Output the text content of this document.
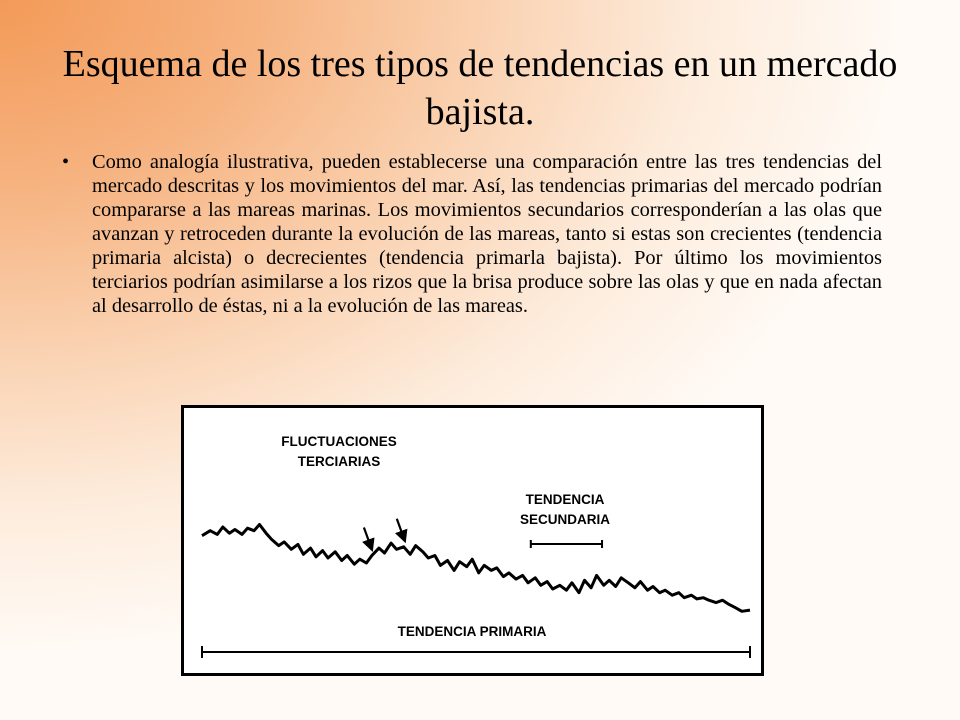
Esquema de los tres tipos de tendencias en un mercado bajista.
•	Como analogía ilustrativa, pueden establecerse una comparación entre las tres tendencias del mercado descritas y los movimientos del mar. Así, las tendencias primarias del mercado podrían compararse a las mareas marinas. Los movimientos secundarios corresponderían a las olas que avanzan y retroceden durante la evolución de las mareas, tanto si estas son crecientes (tendencia primaria alcista) o decrecientes (tendencia primarla bajista). Por último los movimientos terciarios podrían asimilarse a los rizos que la brisa produce sobre las olas y que en nada afectan al desarrollo de éstas, ni a la evolución de las mareas.

FLUCTUACIONES
TERCIARIAS
TENDENCIA
SECUNDARIA
TENDENCIA PRIMARIA
